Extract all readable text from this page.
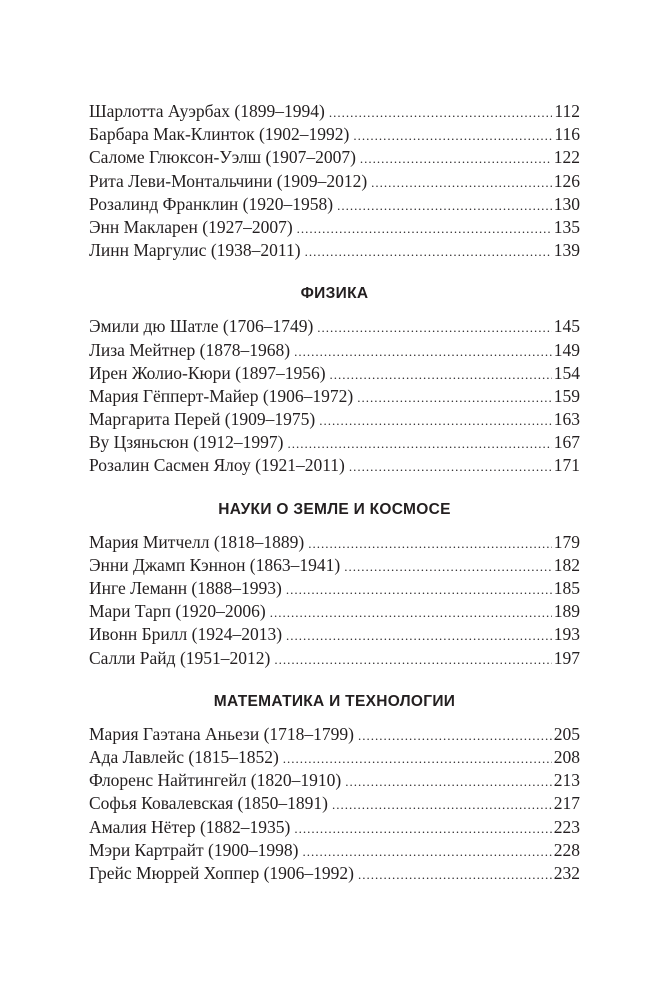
Шарлотта Ауэрбах (1899–1994) .....	112
Барбара Мак-Клинток (1902–1992) .....	116
Саломе Глюксон-Уэлш (1907–2007) .....	122
Рита Леви-Монтальчини (1909–2012) .....	126
Розалинд Франклин (1920–1958) .....	130
Энн Макларен (1927–2007) .....	135
Линн Маргулис (1938–2011) .....	139
ФИЗИКА
Эмили дю Шатле (1706–1749) .....	145
Лиза Мейтнер (1878–1968) .....	149
Ирен Жолио-Кюри (1897–1956) .....	154
Мария Гёпперт-Майер (1906–1972) .....	159
Маргарита Перей (1909–1975) .....	163
Ву Цзяньсюн (1912–1997) .....	167
Розалин Сасмен Ялоу (1921–2011) .....	171
НАУКИ О ЗЕМЛЕ И КОСМОСЕ
Мария Митчелл (1818–1889) .....	179
Энни Джамп Кэннон (1863–1941) .....	182
Инге Леманн (1888–1993) .....	185
Мари Тарп (1920–2006) .....	189
Ивонн Брилл (1924–2013) .....	193
Салли Райд (1951–2012) .....	197
МАТЕМАТИКА И ТЕХНОЛОГИИ
Мария Гаэтана Аньези (1718–1799) .....	205
Ада Лавлейс (1815–1852) .....	208
Флоренс Найтингейл (1820–1910) .....	213
Софья Ковалевская (1850–1891) .....	217
Амалия Нётер (1882–1935) .....	223
Мэри Картрайт (1900–1998) .....	228
Грейс Мюррей Хоппер (1906–1992) .....	232
